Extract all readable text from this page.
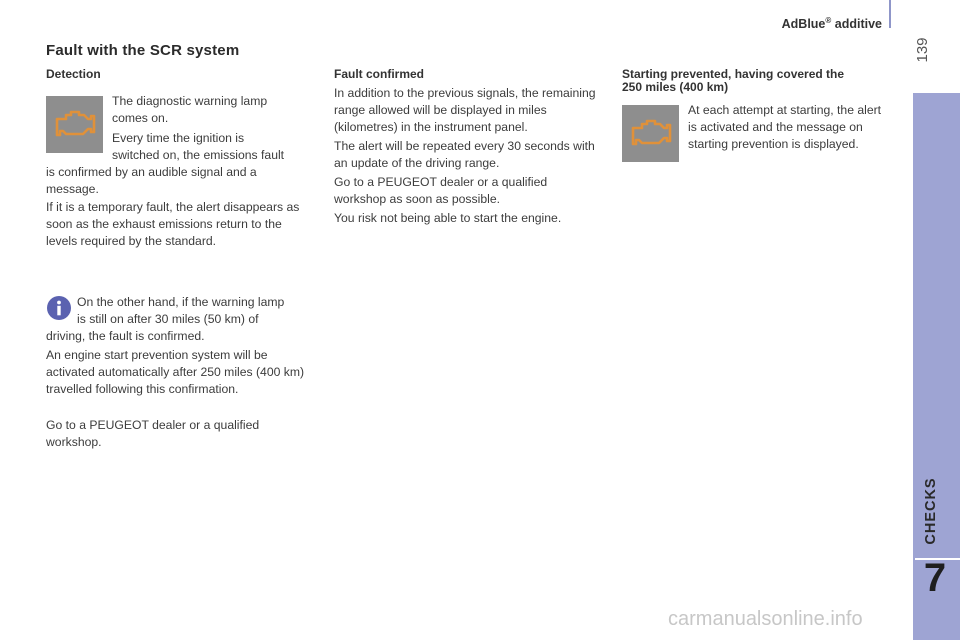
AdBlue® additive
139
CHECKS
7
Fault with the SCR system
Detection
The diagnostic warning lamp comes on.
Every time the ignition is
switched on, the emissions fault
is confirmed by an audible signal and a message.
If it is a temporary fault, the alert disappears as soon as the exhaust emissions return to the levels required by the standard.
On the other hand, if the warning lamp
is still on after 30 miles (50 km) of
driving, the fault is confirmed.
An engine start prevention system will be activated automatically after 250 miles (400 km) travelled following this confirmation.
Go to a PEUGEOT dealer or a qualified workshop.
Fault confirmed
In addition to the previous signals, the remaining range allowed will be displayed in miles (kilometres) in the instrument panel.
The alert will be repeated every 30 seconds with an update of the driving range.
Go to a PEUGEOT dealer or a qualified workshop as soon as possible.
You risk not being able to start the engine.
Starting prevented, having covered the
250 miles (400 km)
At each attempt at starting, the alert is activated and the message on starting prevention is displayed.
carmanualsonline.info
